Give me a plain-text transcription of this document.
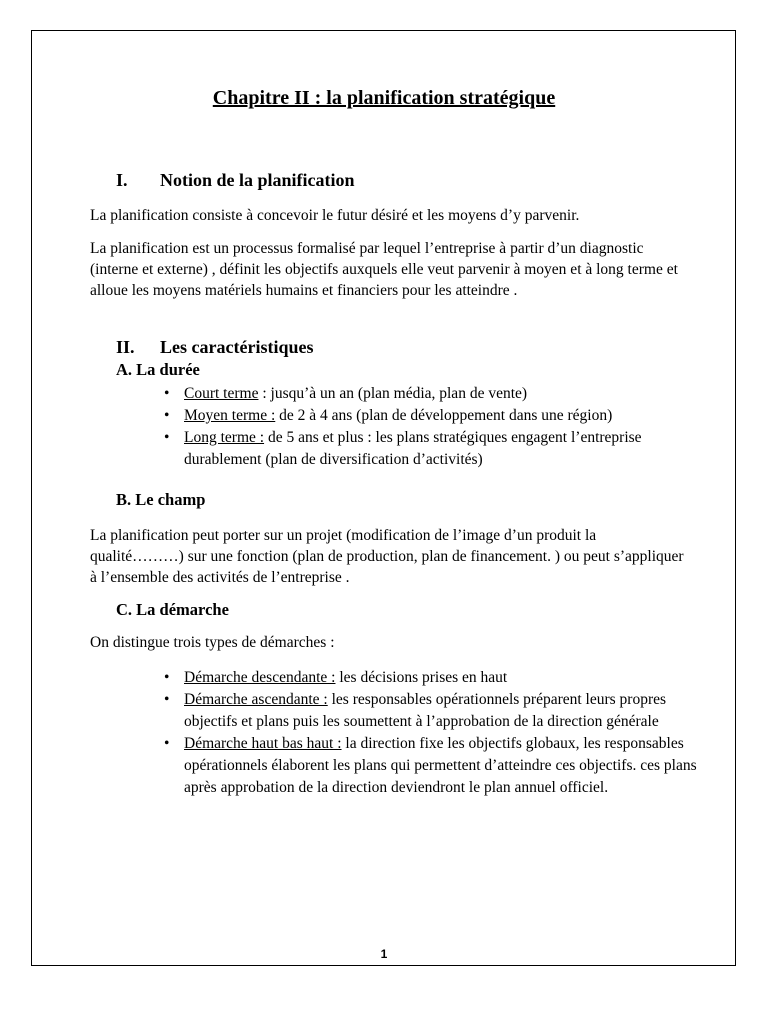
Chapitre II : la planification stratégique
I. Notion de la planification
La planification consiste à concevoir le futur désiré et les moyens d’y parvenir.
La planification est un processus formalisé par lequel l’entreprise à partir d’un diagnostic (interne et externe) , définit les objectifs auxquels elle veut parvenir à moyen et à long terme et alloue les moyens matériels humains et financiers pour les atteindre .
II. Les caractéristiques
A. La durée
• Court terme : jusqu’à un an (plan média, plan de vente)
• Moyen terme : de 2 à 4 ans (plan de développement dans une région)
• Long terme : de 5 ans et plus : les plans stratégiques engagent l’entreprise durablement (plan de diversification d’activités)
B. Le champ
La planification peut porter sur un projet (modification de l’image d’un produit la qualité………) sur une fonction (plan de production, plan de financement. ) ou peut s’appliquer à l’ensemble des activités de l’entreprise .
C. La démarche
On distingue trois types de démarches :
• Démarche descendante : les décisions prises en haut
• Démarche ascendante : les responsables opérationnels préparent leurs propres objectifs et plans puis les soumettent à l’approbation de la direction générale
• Démarche haut bas haut : la direction fixe les objectifs globaux, les responsables opérationnels élaborent les plans qui permettent d’atteindre ces objectifs. ces plans après approbation de la direction deviendront le plan annuel officiel.
1
